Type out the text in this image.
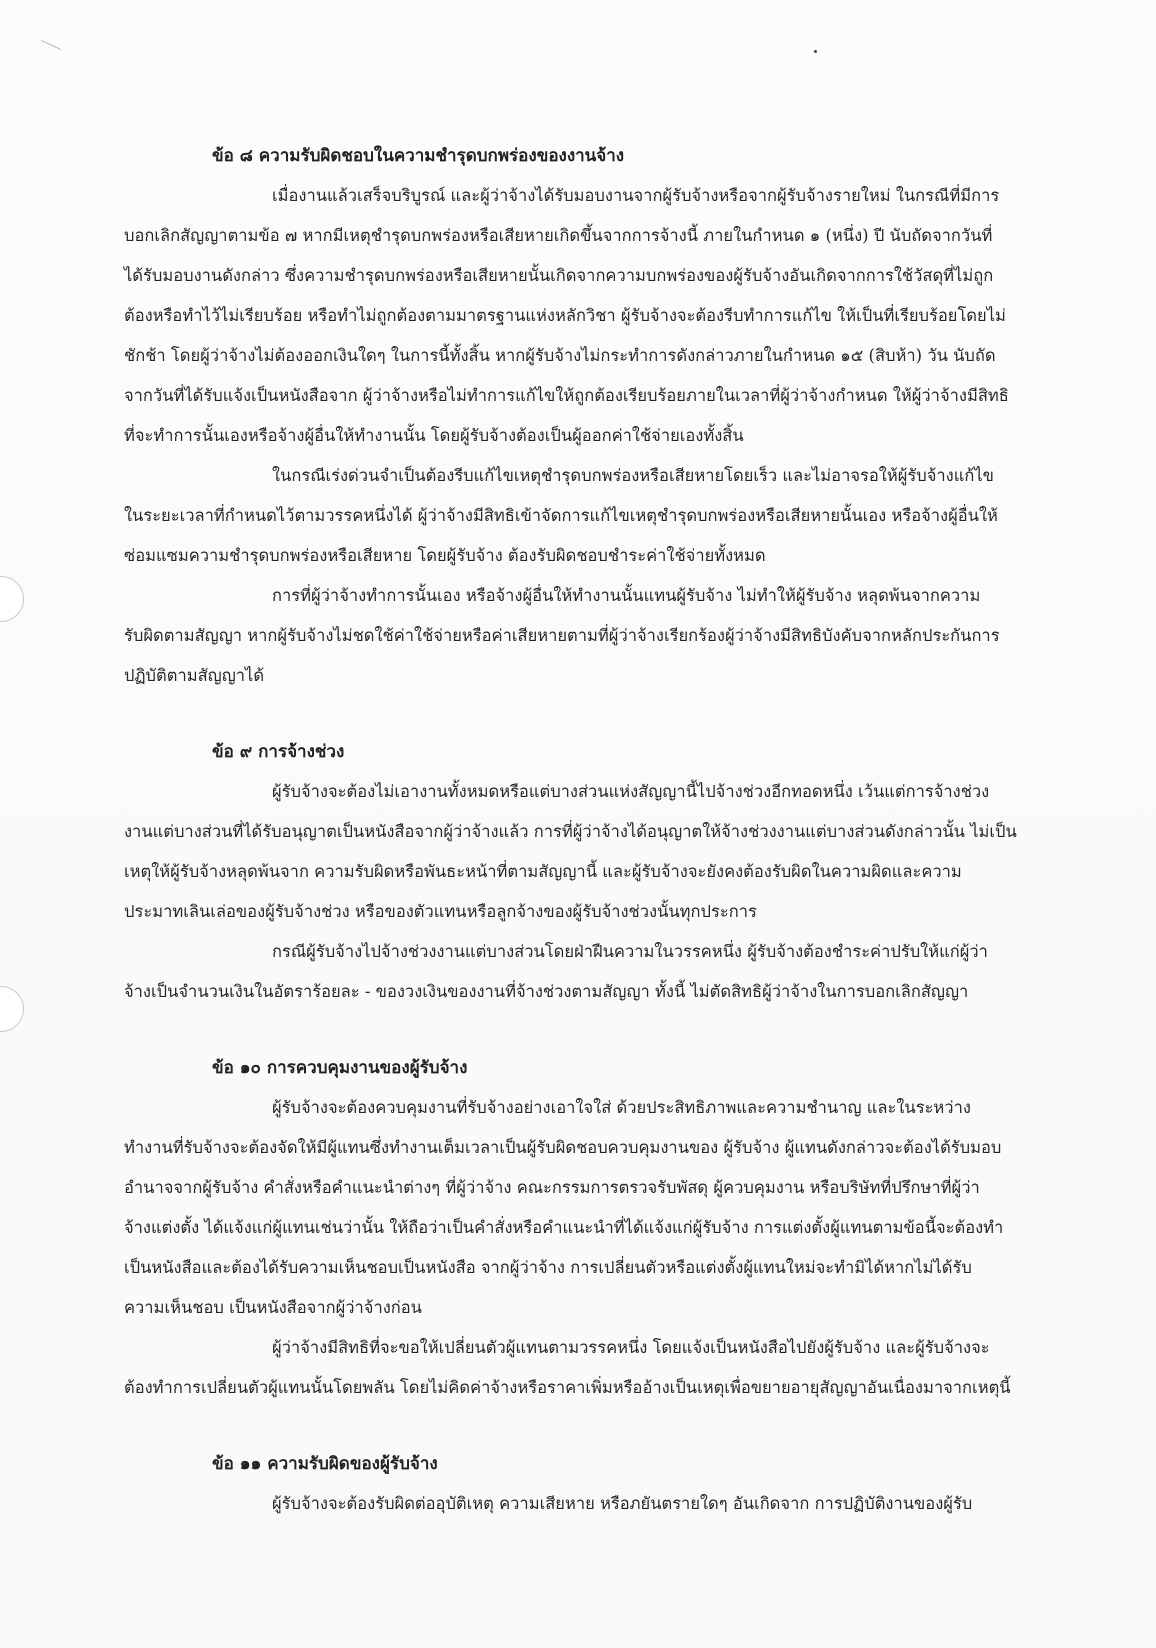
ข้อ ๘ ความรับผิดชอบในความชำรุดบกพร่องของงานจ้าง
เมื่องานแล้วเสร็จบริบูรณ์ และผู้ว่าจ้างได้รับมอบงานจากผู้รับจ้างหรือจากผู้รับจ้างรายใหม่ ในกรณีที่มีการ
บอกเลิกสัญญาตามข้อ ๗ หากมีเหตุชำรุดบกพร่องหรือเสียหายเกิดขึ้นจากการจ้างนี้ ภายในกำหนด ๑ (หนึ่ง) ปี นับถัดจากวันที่
ได้รับมอบงานดังกล่าว ซึ่งความชำรุดบกพร่องหรือเสียหายนั้นเกิดจากความบกพร่องของผู้รับจ้างอันเกิดจากการใช้วัสดุที่ไม่ถูก
ต้องหรือทำไว้ไม่เรียบร้อย หรือทำไม่ถูกต้องตามมาตรฐานแห่งหลักวิชา ผู้รับจ้างจะต้องรีบทำการแก้ไข ให้เป็นที่เรียบร้อยโดยไม่
ชักช้า โดยผู้ว่าจ้างไม่ต้องออกเงินใดๆ ในการนี้ทั้งสิ้น หากผู้รับจ้างไม่กระทำการดังกล่าวภายในกำหนด ๑๕ (สิบห้า) วัน นับถัด
จากวันที่ได้รับแจ้งเป็นหนังสือจาก ผู้ว่าจ้างหรือไม่ทำการแก้ไขให้ถูกต้องเรียบร้อยภายในเวลาที่ผู้ว่าจ้างกำหนด ให้ผู้ว่าจ้างมีสิทธิ
ที่จะทำการนั้นเองหรือจ้างผู้อื่นให้ทำงานนั้น โดยผู้รับจ้างต้องเป็นผู้ออกค่าใช้จ่ายเองทั้งสิ้น
ในกรณีเร่งด่วนจำเป็นต้องรีบแก้ไขเหตุชำรุดบกพร่องหรือเสียหายโดยเร็ว และไม่อาจรอให้ผู้รับจ้างแก้ไข
ในระยะเวลาที่กำหนดไว้ตามวรรคหนึ่งได้ ผู้ว่าจ้างมีสิทธิเข้าจัดการแก้ไขเหตุชำรุดบกพร่องหรือเสียหายนั้นเอง หรือจ้างผู้อื่นให้
ซ่อมแซมความชำรุดบกพร่องหรือเสียหาย โดยผู้รับจ้าง ต้องรับผิดชอบชำระค่าใช้จ่ายทั้งหมด
การที่ผู้ว่าจ้างทำการนั้นเอง หรือจ้างผู้อื่นให้ทำงานนั้นแทนผู้รับจ้าง ไม่ทำให้ผู้รับจ้าง หลุดพ้นจากความ
รับผิดตามสัญญา หากผู้รับจ้างไม่ชดใช้ค่าใช้จ่ายหรือค่าเสียหายตามที่ผู้ว่าจ้างเรียกร้องผู้ว่าจ้างมีสิทธิบังคับจากหลักประกันการ
ปฏิบัติตามสัญญาได้
ข้อ ๙ การจ้างช่วง
ผู้รับจ้างจะต้องไม่เอางานทั้งหมดหรือแต่บางส่วนแห่งสัญญานี้ไปจ้างช่วงอีกทอดหนึ่ง เว้นแต่การจ้างช่วง
งานแต่บางส่วนที่ได้รับอนุญาตเป็นหนังสือจากผู้ว่าจ้างแล้ว การที่ผู้ว่าจ้างได้อนุญาตให้จ้างช่วงงานแต่บางส่วนดังกล่าวนั้น ไม่เป็น
เหตุให้ผู้รับจ้างหลุดพ้นจาก ความรับผิดหรือพันธะหน้าที่ตามสัญญานี้ และผู้รับจ้างจะยังคงต้องรับผิดในความผิดและความ
ประมาทเลินเล่อของผู้รับจ้างช่วง หรือของตัวแทนหรือลูกจ้างของผู้รับจ้างช่วงนั้นทุกประการ
กรณีผู้รับจ้างไปจ้างช่วงงานแต่บางส่วนโดยฝ่าฝืนความในวรรคหนึ่ง ผู้รับจ้างต้องชำระค่าปรับให้แก่ผู้ว่า
จ้างเป็นจำนวนเงินในอัตราร้อยละ - ของวงเงินของงานที่จ้างช่วงตามสัญญา ทั้งนี้ ไม่ตัดสิทธิผู้ว่าจ้างในการบอกเลิกสัญญา
ข้อ ๑๐ การควบคุมงานของผู้รับจ้าง
ผู้รับจ้างจะต้องควบคุมงานที่รับจ้างอย่างเอาใจใส่ ด้วยประสิทธิภาพและความชำนาญ และในระหว่าง
ทำงานที่รับจ้างจะต้องจัดให้มีผู้แทนซึ่งทำงานเต็มเวลาเป็นผู้รับผิดชอบควบคุมงานของ ผู้รับจ้าง ผู้แทนดังกล่าวจะต้องได้รับมอบ
อำนาจจากผู้รับจ้าง คำสั่งหรือคำแนะนำต่างๆ ที่ผู้ว่าจ้าง คณะกรรมการตรวจรับพัสดุ ผู้ควบคุมงาน หรือบริษัทที่ปรึกษาที่ผู้ว่า
จ้างแต่งตั้ง ได้แจ้งแก่ผู้แทนเช่นว่านั้น ให้ถือว่าเป็นคำสั่งหรือคำแนะนำที่ได้แจ้งแก่ผู้รับจ้าง การแต่งตั้งผู้แทนตามข้อนี้จะต้องทำ
เป็นหนังสือและต้องได้รับความเห็นชอบเป็นหนังสือ จากผู้ว่าจ้าง การเปลี่ยนตัวหรือแต่งตั้งผู้แทนใหม่จะทำมิได้หากไม่ได้รับ
ความเห็นชอบ เป็นหนังสือจากผู้ว่าจ้างก่อน
ผู้ว่าจ้างมีสิทธิที่จะขอให้เปลี่ยนตัวผู้แทนตามวรรคหนึ่ง โดยแจ้งเป็นหนังสือไปยังผู้รับจ้าง และผู้รับจ้างจะ
ต้องทำการเปลี่ยนตัวผู้แทนนั้นโดยพลัน โดยไม่คิดค่าจ้างหรือราคาเพิ่มหรืออ้างเป็นเหตุเพื่อขยายอายุสัญญาอันเนื่องมาจากเหตุนี้
ข้อ ๑๑ ความรับผิดของผู้รับจ้าง
ผู้รับจ้างจะต้องรับผิดต่ออุบัติเหตุ ความเสียหาย หรือภยันตรายใดๆ อันเกิดจาก การปฏิบัติงานของผู้รับ
